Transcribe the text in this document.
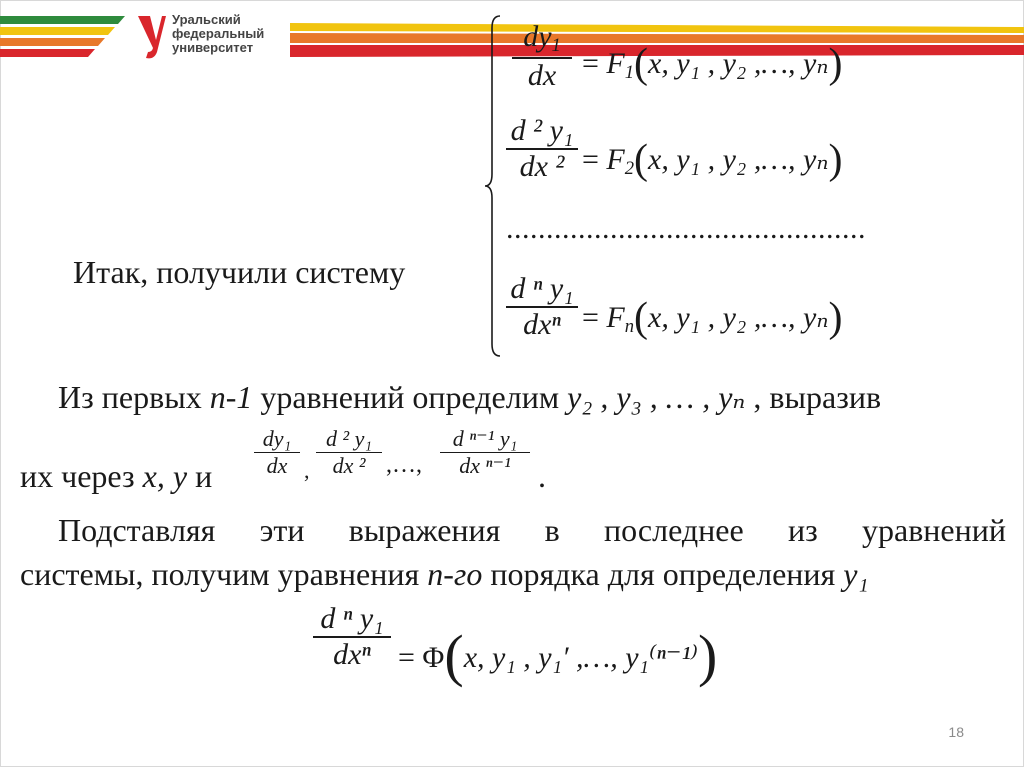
Уральский
федеральный
университет
Итак, получили систему
$dy_1$
dx = $F_1(x$, y₁ , y₂ ,…, yₙ)
d ² y₁
dx $^2 = F_2(x$, y₁ , y₂ ,…, yₙ)
.............................................
d ⁿ y₁
$dx^n = F_n(x$, y₁ , y₂ ,…, yₙ)
Из первых n-1 уравнений определим y₂ , y₃ , … , yₙ , выразив
их через x, y и
dy₁
dx ,
d ² y₁
dx ² ,…,
d ⁿ⁻¹ y₁
dx ⁿ⁻¹ .
Подставляя эти выражения в последнее из уравнений
системы, получим уравнения n-го порядка для определения y₁
d ⁿ y₁
dxⁿ = Φ(x, y₁ , y₁′ ,…, y₁⁽ⁿ⁻¹⁾)
18
